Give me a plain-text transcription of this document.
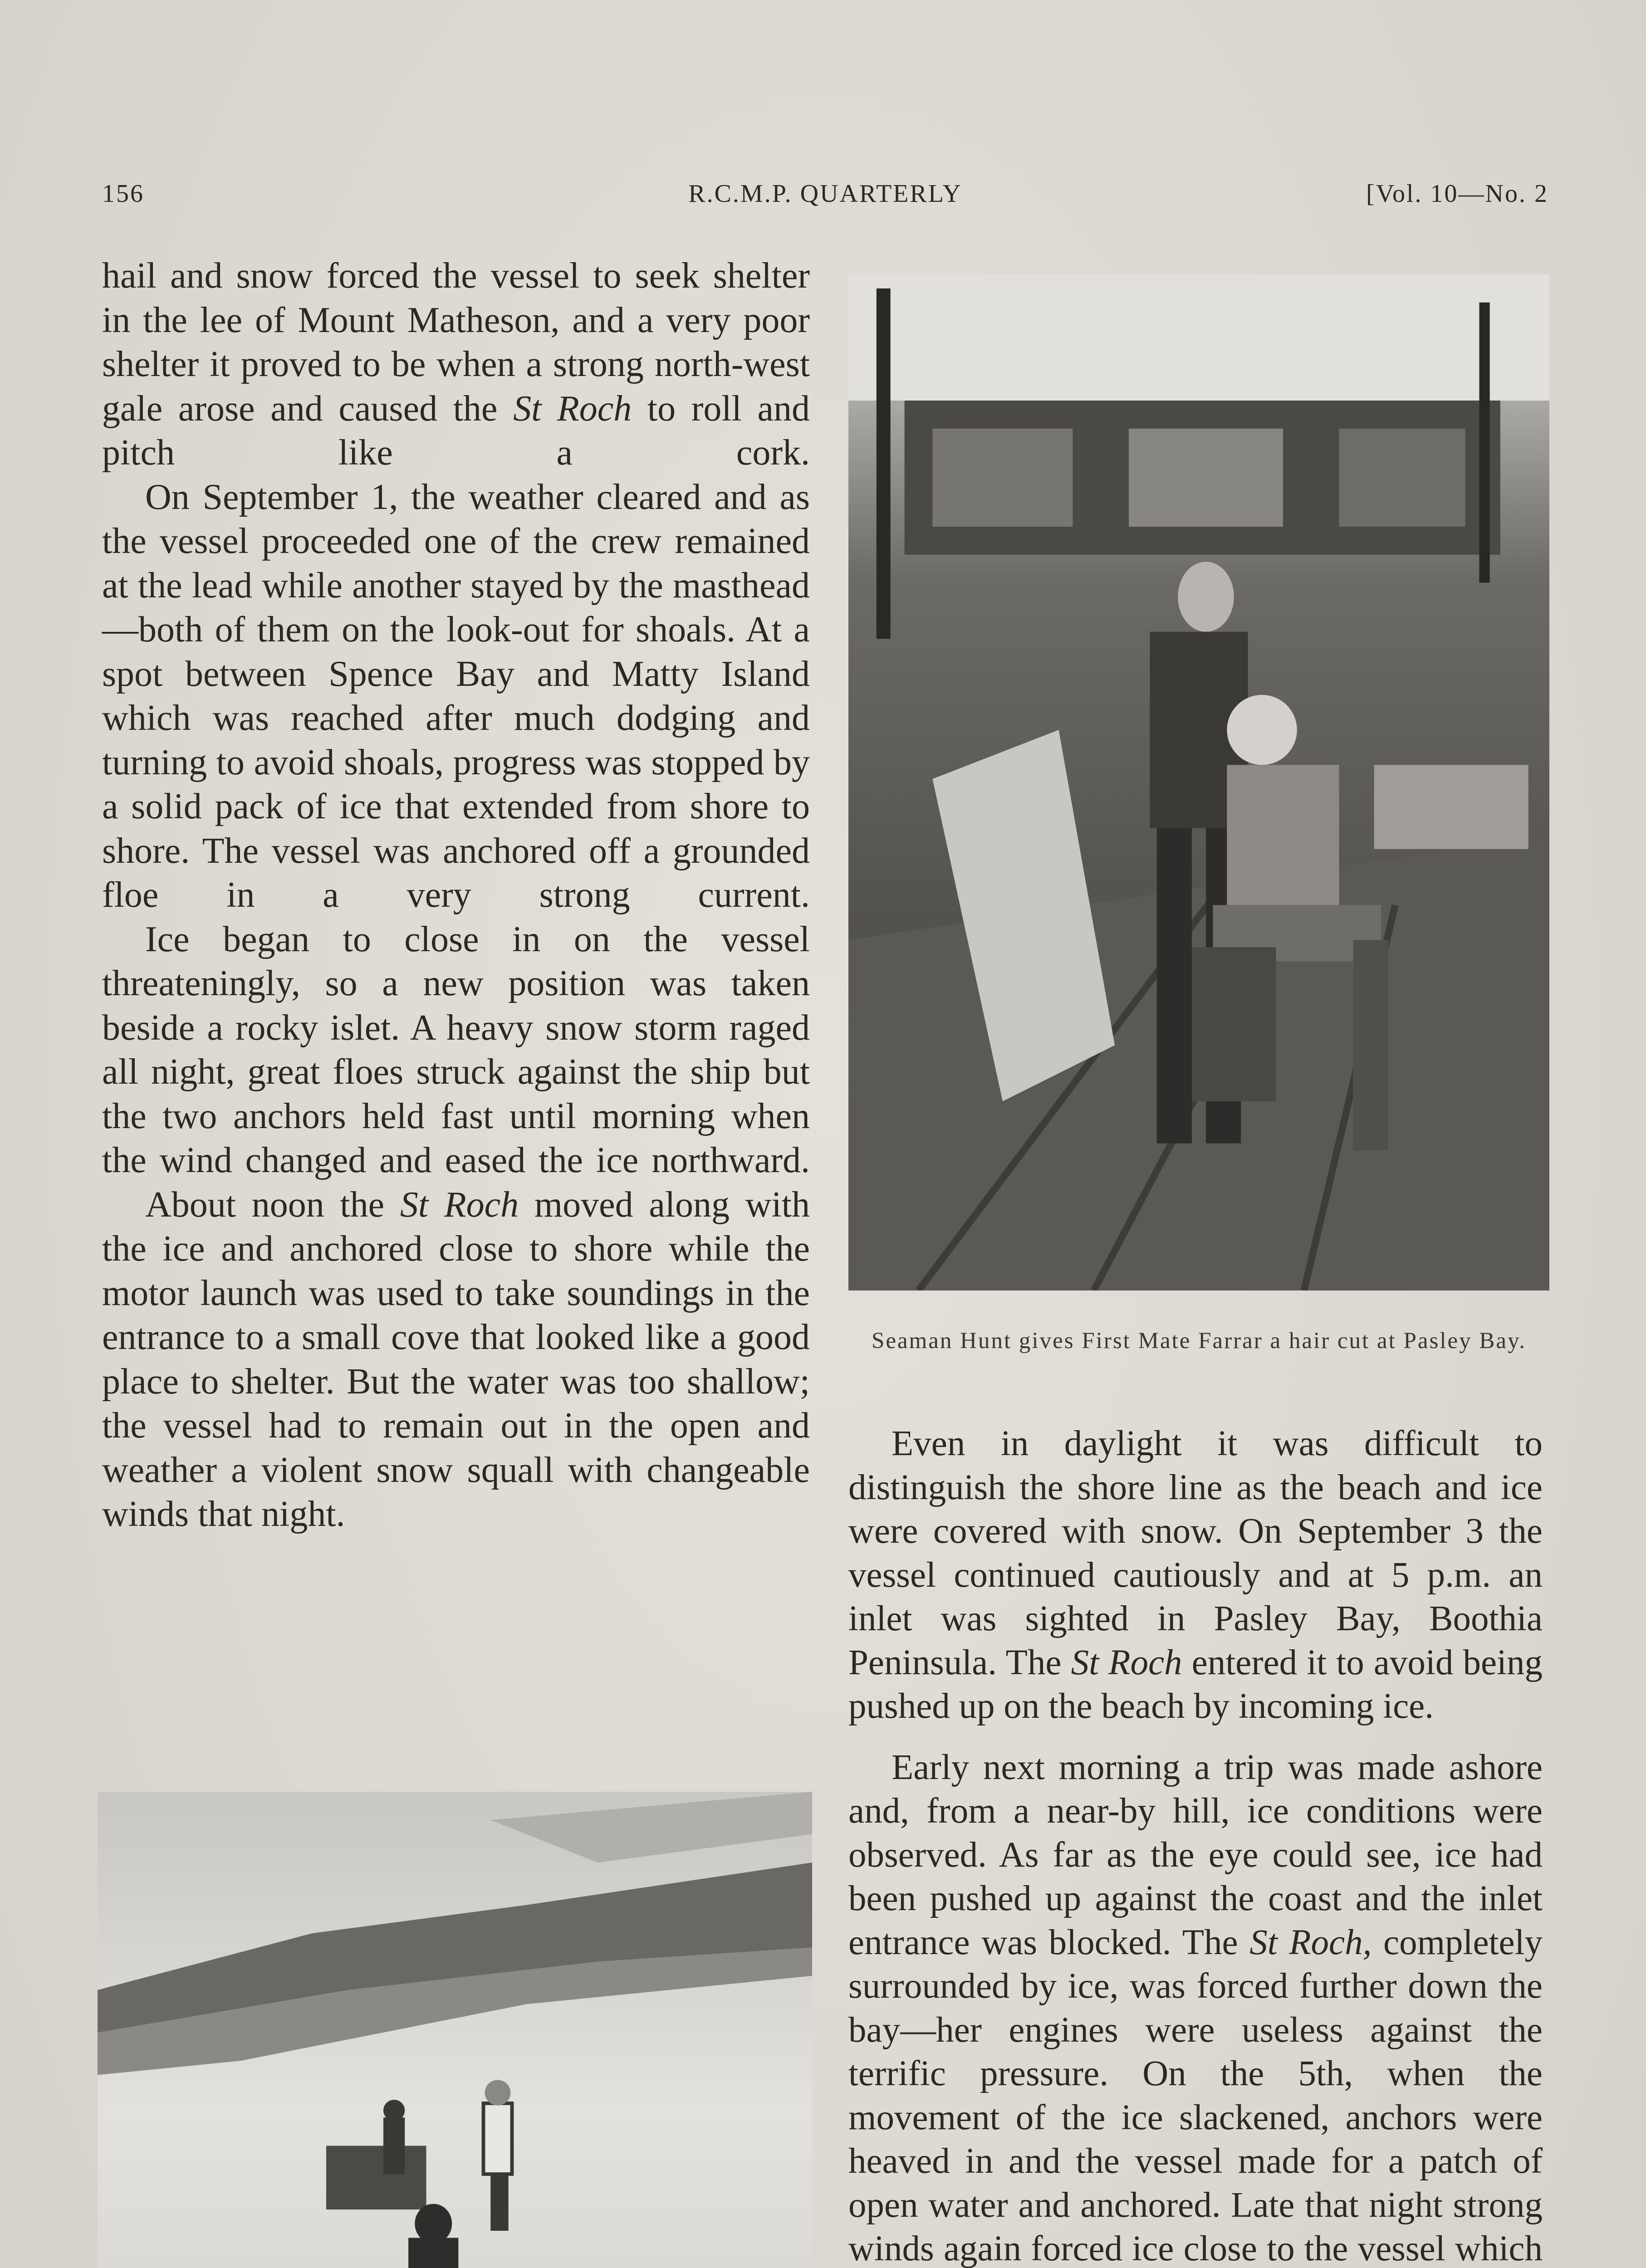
156	R.C.M.P. QUARTERLY	[Vol. 10—No. 2

hail and snow forced the vessel to seek shelter in the lee of Mount Matheson, and a very poor shelter it proved to be when a strong north-west gale arose and caused the St Roch to roll and pitch like a cork.

On September 1, the weather cleared and as the vessel proceeded one of the crew remained at the lead while another stayed by the masthead—both of them on the look-out for shoals. At a spot between Spence Bay and Matty Island which was reached after much dodging and turning to avoid shoals, progress was stopped by a solid pack of ice that extended from shore to shore. The vessel was anchored off a grounded floe in a very strong current.

Ice began to close in on the vessel threateningly, so a new position was taken beside a rocky islet. A heavy snow storm raged all night, great floes struck against the ship but the two anchors held fast until morning when the wind changed and eased the ice northward.

About noon the St Roch moved along with the ice and anchored close to shore while the motor launch was used to take soundings in the entrance to a small cove that looked like a good place to shelter. But the water was too shallow; the vessel had to remain out in the open and weather a violent snow squall with changeable winds that night.

Seaman Hunt gives First Mate Farrar a hair cut at Pasley Bay.

Even in daylight it was difficult to distinguish the shore line as the beach and ice were covered with snow. On September 3 the vessel continued cautiously and at 5 p.m. an inlet was sighted in Pasley Bay, Boothia Peninsula. The St Roch entered it to avoid being pushed up on the beach by incoming ice.

Early next morning a trip was made ashore and, from a near-by hill, ice conditions were observed. As far as the eye could see, ice had been pushed up against the coast and the inlet entrance was blocked. The St Roch, completely surrounded by ice, was forced further down the bay—her engines were useless against the terrific pressure. On the 5th, when the movement of the ice slackened, anchors were heaved in and the vessel made for a patch of open water and anchored. Late that night strong winds again forced ice close to the vessel which
